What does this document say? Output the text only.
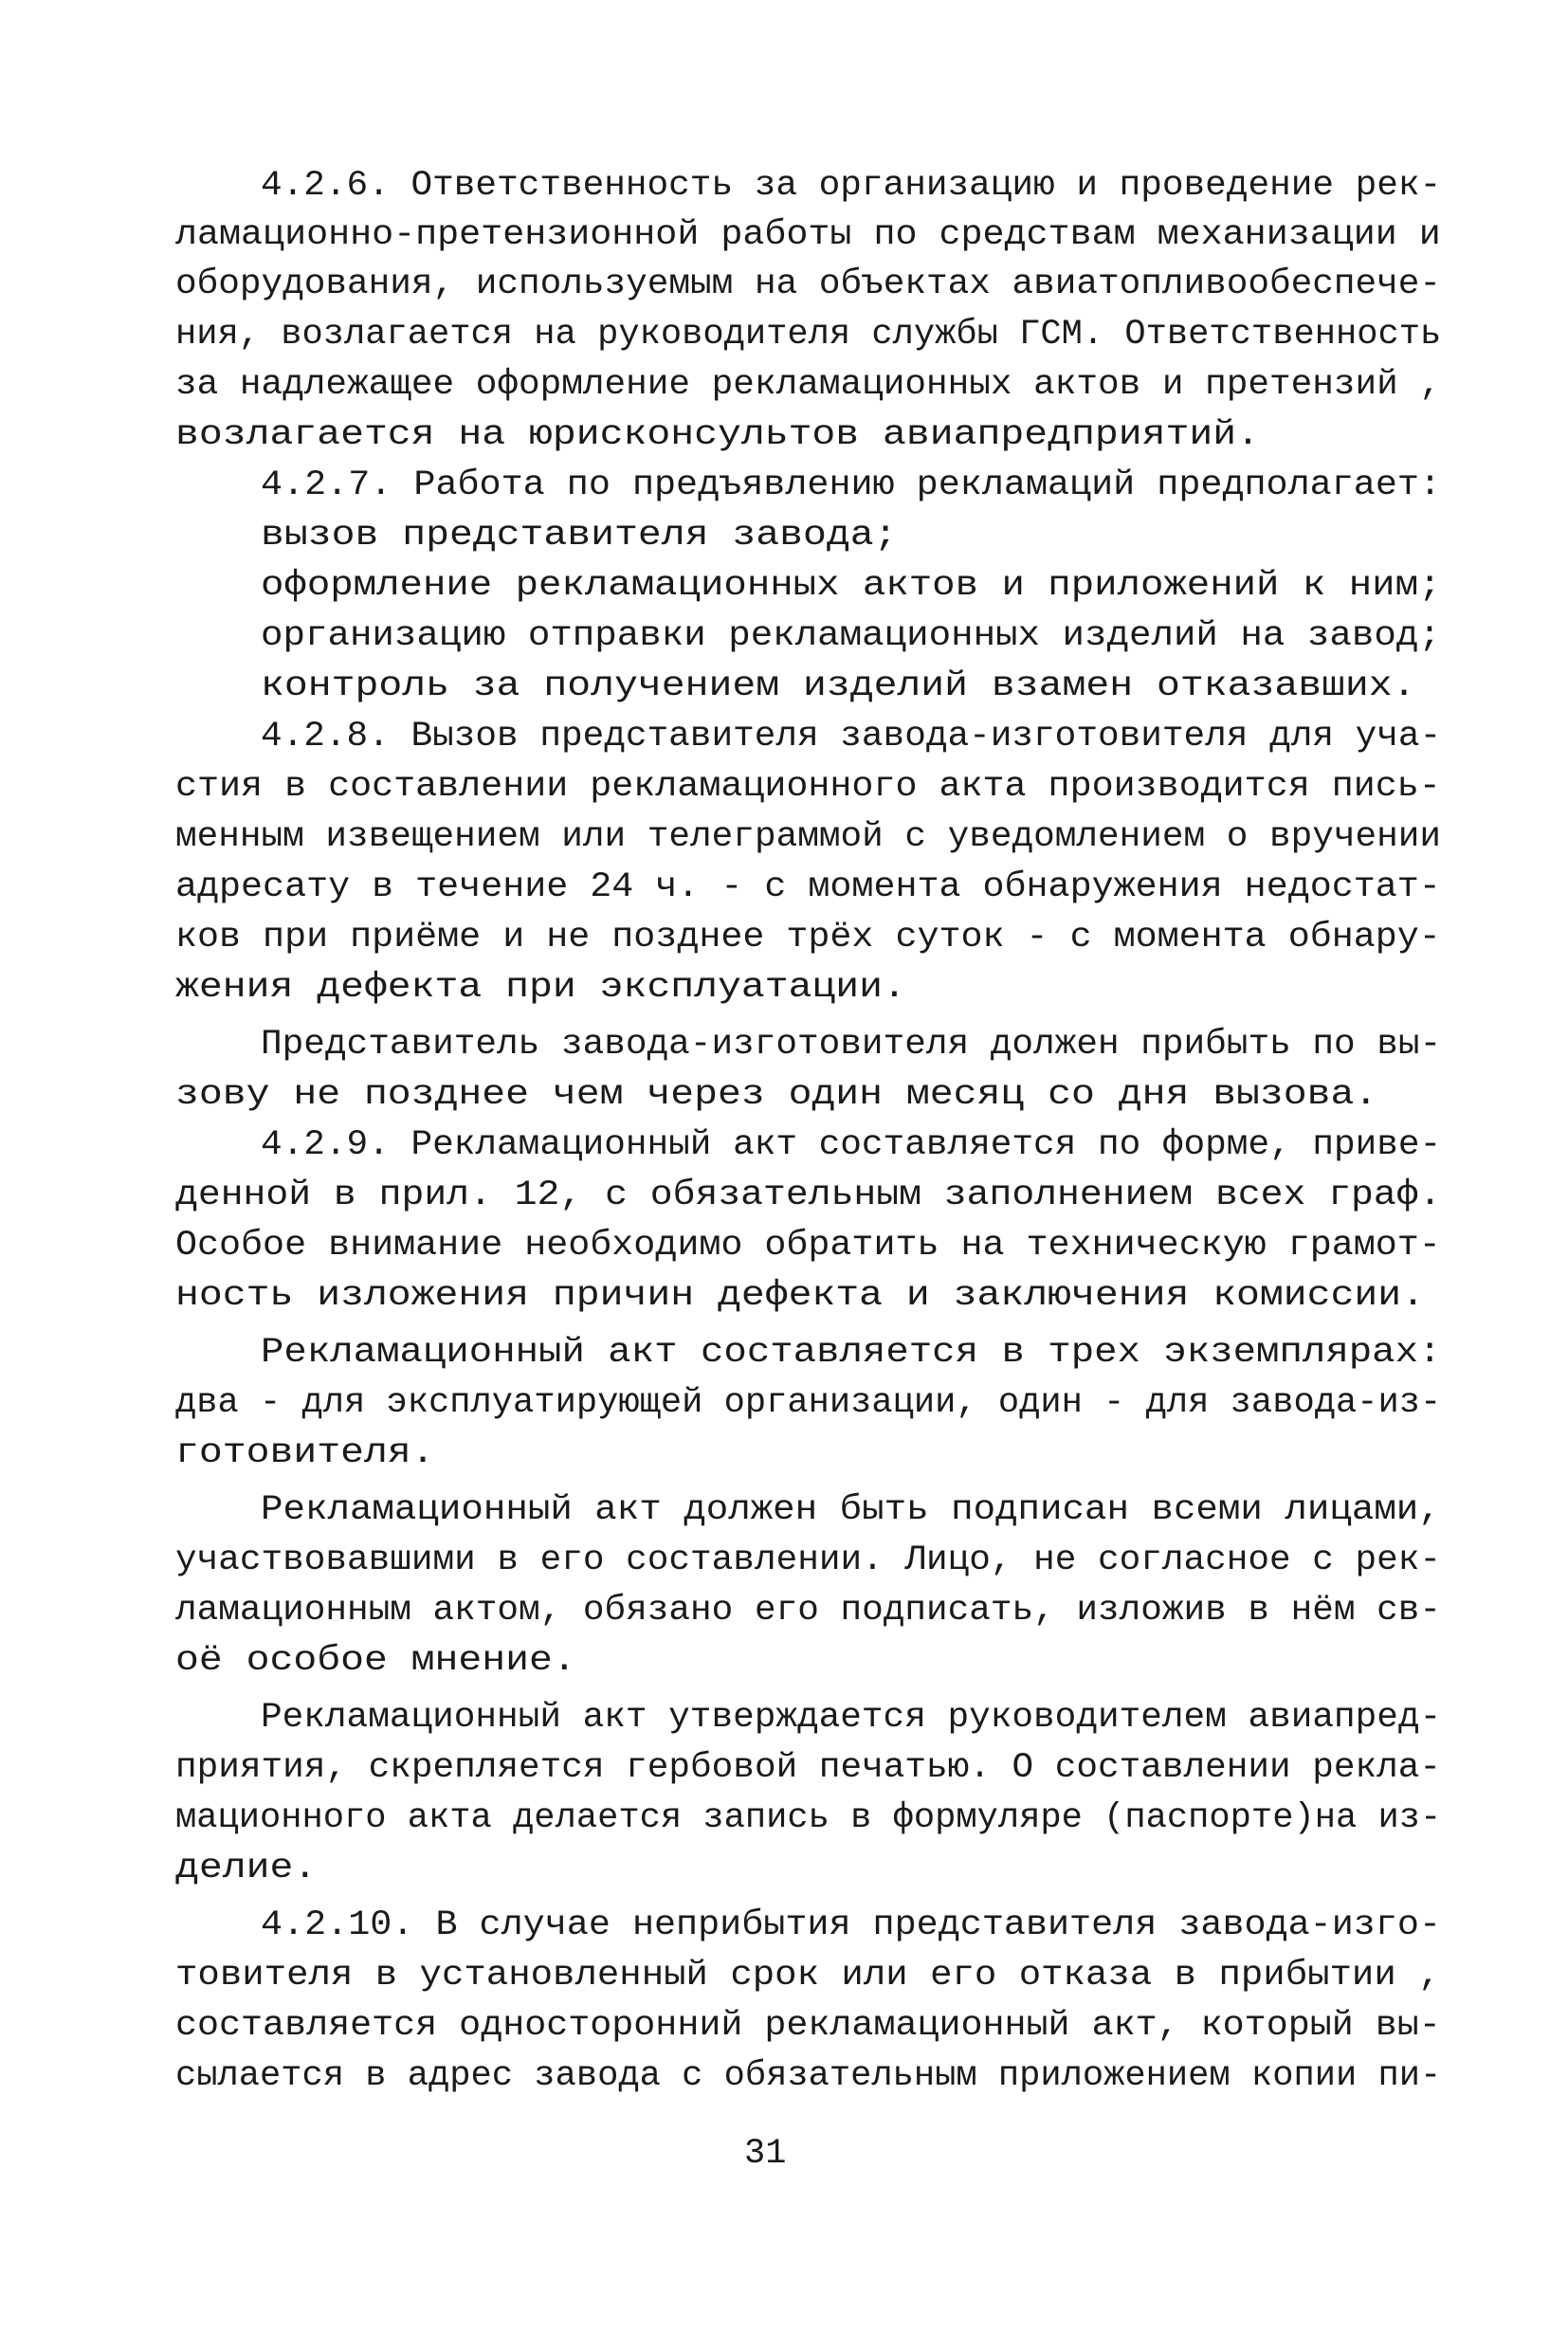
4.2.6. Ответственность за организацию и проведение рек-
ламационно-претензионной работы по средствам механизации и
оборудования, используемым на объектах авиатопливообеспече-
ния, возлагается на руководителя службы ГСМ. Ответственность
за надлежащее оформление рекламационных актов и претензий ,
возлагается на юрисконсультов авиапредприятий.
4.2.7. Работа по предъявлению рекламаций предполагает:
вызов представителя завода;
оформление рекламационных актов и приложений к ним;
организацию отправки рекламационных изделий на завод;
контроль за получением изделий взамен отказавших.
4.2.8. Вызов представителя завода-изготовителя для уча-
стия в составлении рекламационного акта производится пись-
менным извещением или телеграммой с уведомлением о вручении
адресату в течение 24 ч. - с момента обнаружения недостат-
ков при приёме и не позднее трёх суток - с момента обнару-
жения дефекта при эксплуатации.
Представитель завода-изготовителя должен прибыть по вы-
зову не позднее чем через один месяц со дня вызова.
4.2.9. Рекламационный акт составляется по форме, приве-
денной в прил. 12, с обязательным заполнением всех граф.
Особое внимание необходимо обратить на техническую грамот-
ность изложения причин дефекта и заключения комиссии.
Рекламационный акт составляется в трех экземплярах:
два - для эксплуатирующей организации, один - для завода-из-
готовителя.
Рекламационный акт должен быть подписан всеми лицами,
участвовавшими в его составлении. Лицо, не согласное с рек-
ламационным актом, обязано его подписать, изложив в нём св-
оё особое мнение.
Рекламационный акт утверждается руководителем авиапред-
приятия, скрепляется гербовой печатью. О составлении рекла-
мационного акта делается запись в формуляре (паспорте)на из-
делие.
4.2.10. В случае неприбытия представителя завода-изго-
товителя в установленный срок или его отказа в прибытии ,
составляется односторонний рекламационный акт, который вы-
сылается в адрес завода с обязательным приложением копии пи-
31
